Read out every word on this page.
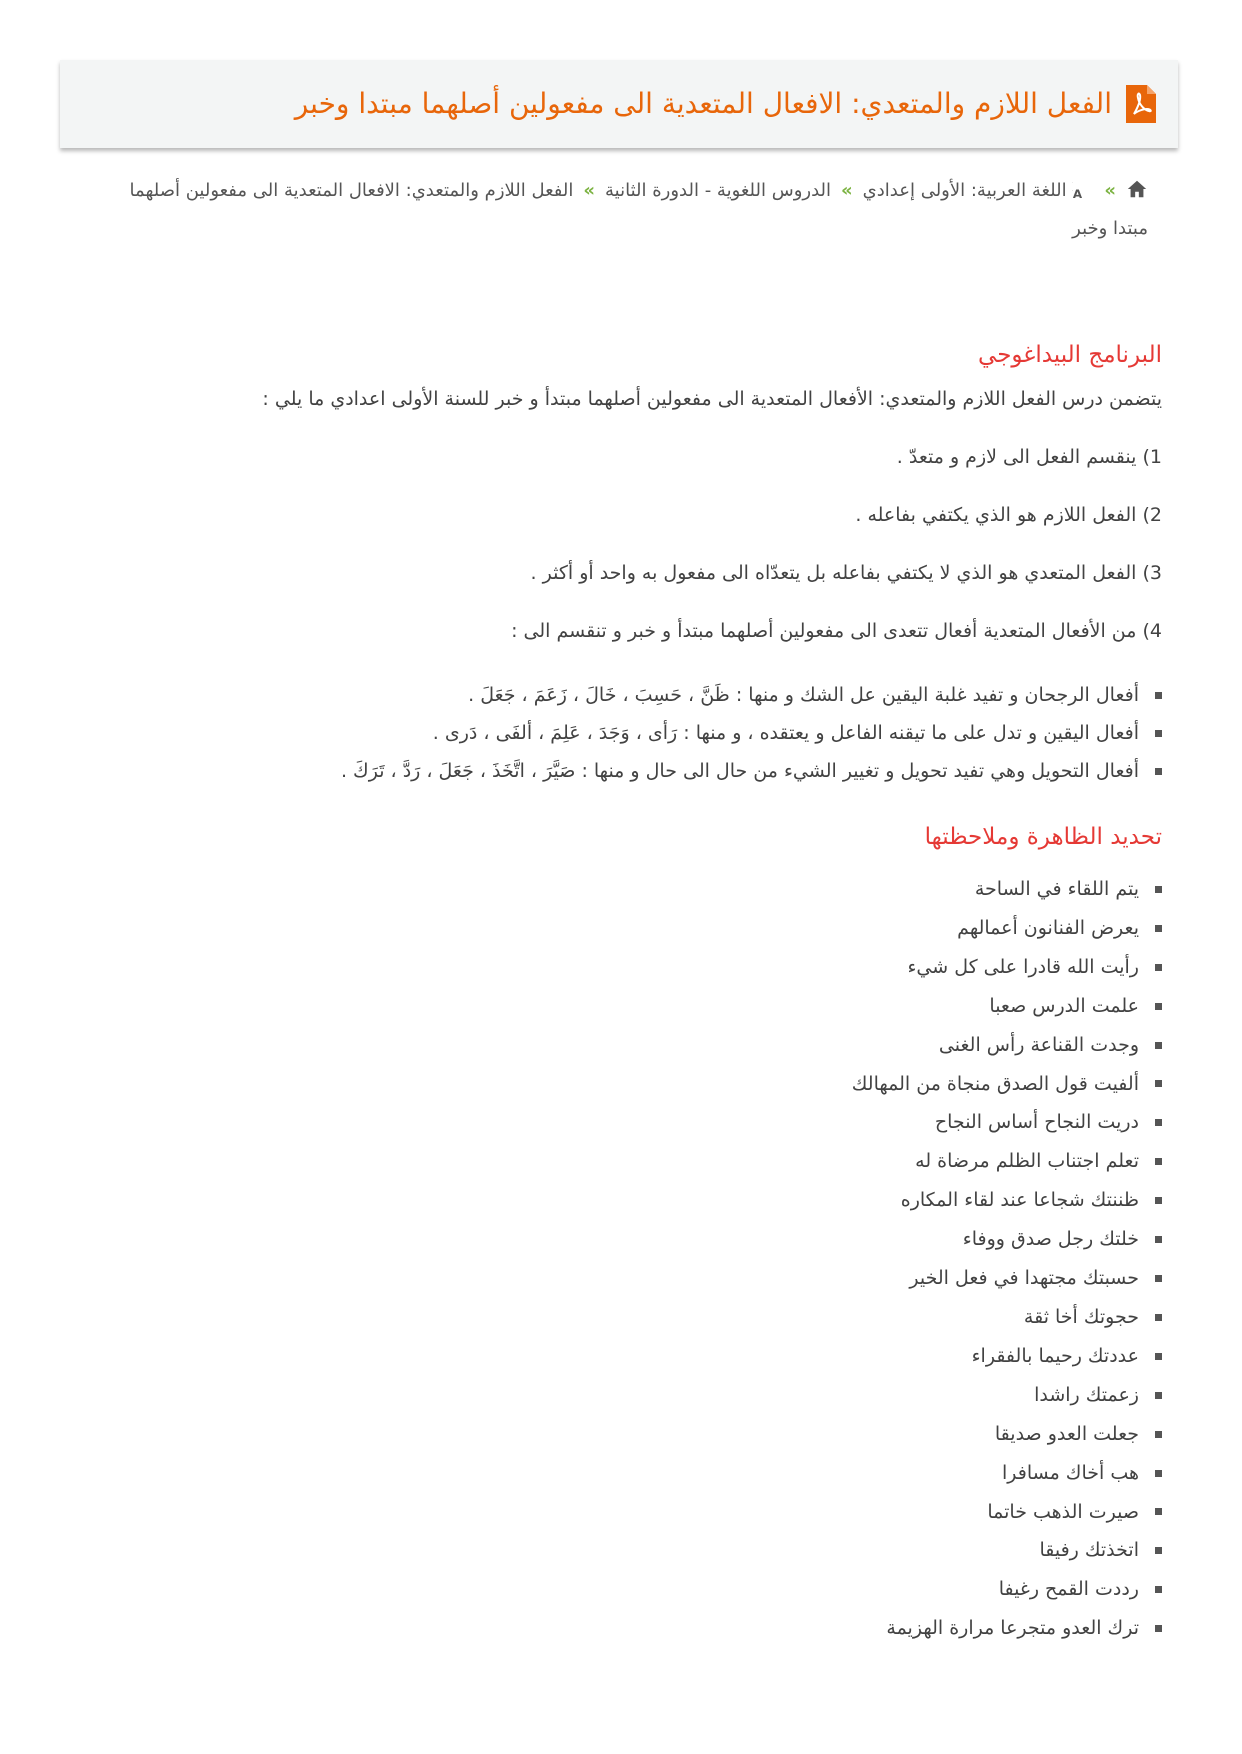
الفعل اللازم والمتعدي: الافعال المتعدية الى مفعولين أصلهما مبتدا وخبر
»
A
اللغة العربية: الأولى إعدادي»الدروس اللغوية - الدورة الثانية»الفعل اللازم والمتعدي: الافعال المتعدية الى مفعولين أصلهما مبتدا وخبر
البرنامج البيداغوجي

يتضمن درس الفعل اللازم والمتعدي: الأفعال المتعدية الى مفعولين أصلهما مبتدأ و خبر للسنة الأولى اعدادي ما يلي :

1) ينقسم الفعل الى لازم و متعدّ .

2) الفعل اللازم هو الذي يكتفي بفاعله .

3) الفعل المتعدي هو الذي لا يكتفي بفاعله بل يتعدّاه الى مفعول به واحد أو أكثر .

4) من الأفعال المتعدية أفعال تتعدى الى مفعولين أصلهما مبتدأ و خبر و تنقسم الى :

أفعال الرجحان و تفيد غلبة اليقين عل الشك و منها : ظَنَّ ، حَسِبَ ، خَالَ ، زَعَمَ ، جَعَلَ .
أفعال اليقين و تدل على ما تيقنه الفاعل و يعتقده ، و منها : رَأى ، وَجَدَ ، عَلِمَ ، ألفَى ، دَرى .
أفعال التحويل وهي تفيد تحويل و تغيير الشيء من حال الى حال و منها : صَيَّرَ ، اتَّخَذَ ، جَعَلَ ، رَدَّ ، تَرَكَ .
تحديد الظاهرة وملاحظتها
يتم اللقاء في الساحة
يعرض الفنانون أعمالهم
رأيت الله قادرا على كل شيء
علمت الدرس صعبا
وجدت القناعة رأس الغنى
ألفيت قول الصدق منجاة من المهالك
دريت النجاح أساس النجاح
تعلم اجتناب الظلم مرضاة له
ظننتك شجاعا عند لقاء المكاره
خلتك رجل صدق ووفاء
حسبتك مجتهدا في فعل الخير
حجوتك أخا ثقة
عددتك رحيما بالفقراء
زعمتك راشدا
جعلت العدو صديقا
هب أخاك مسافرا
صيرت الذهب خاتما
اتخذتك رفيقا
رددت القمح رغيفا
ترك العدو متجرعا مرارة الهزيمة
